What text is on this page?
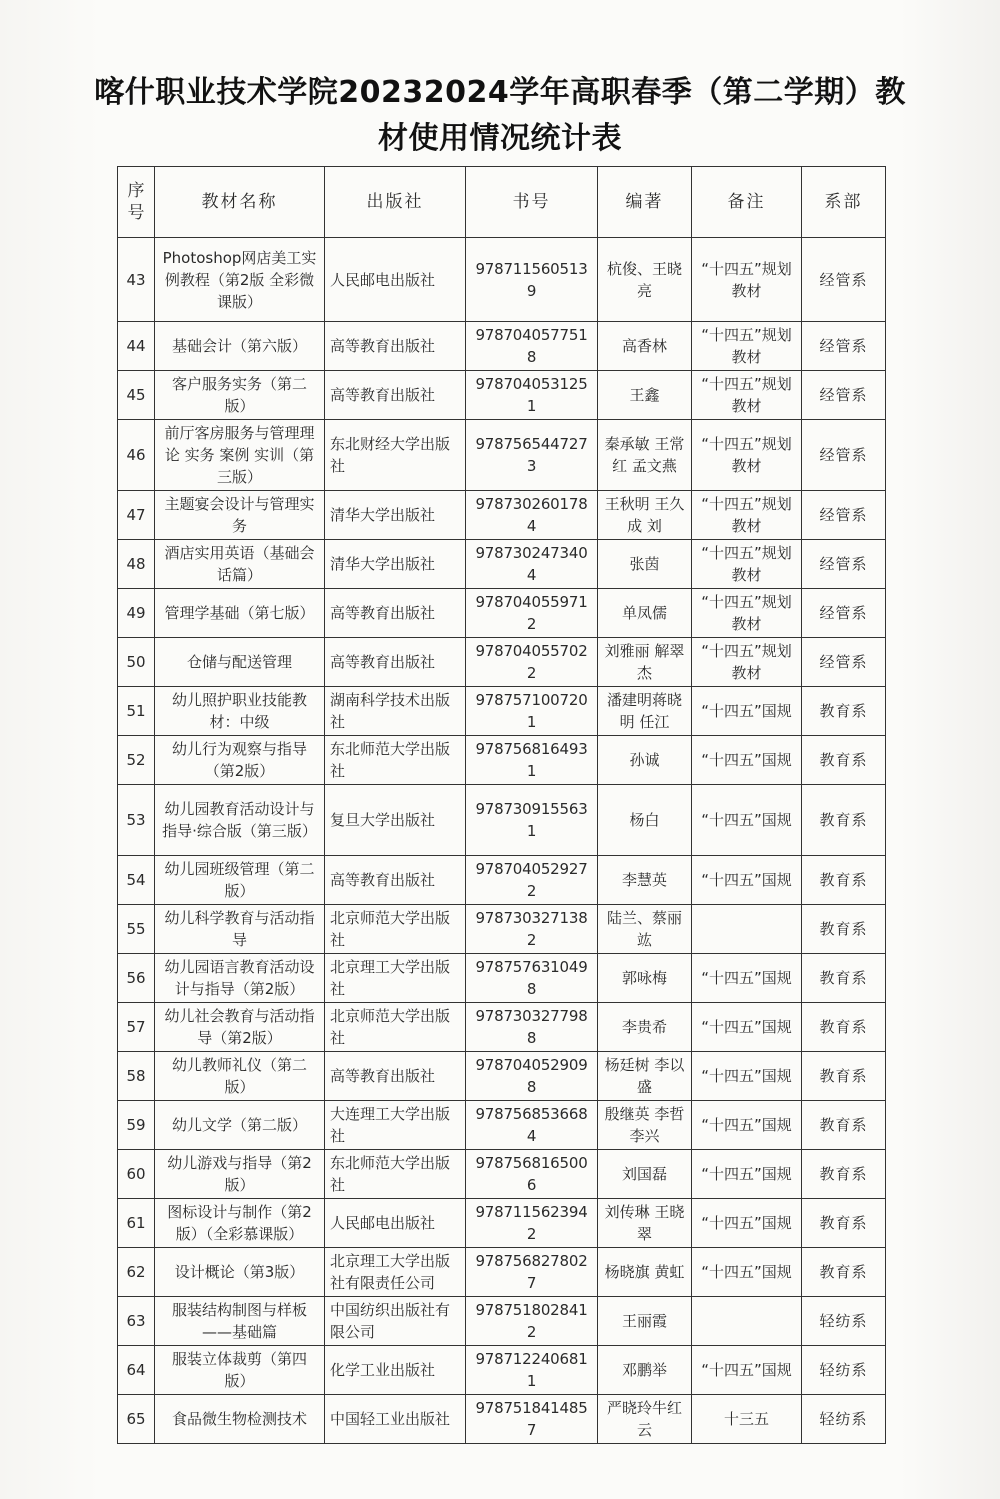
喀什职业技术学院20232024学年高职春季（第二学期）教材使用情况统计表
序号	教材名称	出版社	书号	编著	备注	系部
43	Photoshop网店美工实例教程（第2版 全彩微课版）	人民邮电出版社	9787115605139	杭俊、王晓亮	“十四五”规划教材	经管系
44	基础会计（第六版）	高等教育出版社	9787040577518	高香林	“十四五”规划教材	经管系
45	客户服务实务（第二版）	高等教育出版社	9787040531251	王鑫	“十四五”规划教材	经管系
46	前厅客房服务与管理理论 实务 案例 实训（第三版）	东北财经大学出版社	9787565447273	秦承敏 王常红 孟文燕	“十四五”规划教材	经管系
47	主题宴会设计与管理实务	清华大学出版社	9787302601784	王秋明 王久成 刘	“十四五”规划教材	经管系
48	酒店实用英语（基础会话篇）	清华大学出版社	9787302473404	张茵	“十四五”规划教材	经管系
49	管理学基础（第七版）	高等教育出版社	9787040559712	单凤儒	“十四五”规划教材	经管系
50	仓储与配送管理	高等教育出版社	9787040557022	刘雅丽 解翠杰	“十四五”规划教材	经管系
51	幼儿照护职业技能教材：中级	湖南科学技术出版社	9787571007201	潘建明蒋晓明 任江	“十四五”国规	教育系
52	幼儿行为观察与指导（第2版）	东北师范大学出版社	9787568164931	孙诚	“十四五”国规	教育系
53	幼儿园教育活动设计与指导·综合版（第三版）	复旦大学出版社	9787309155631	杨白	“十四五”国规	教育系
54	幼儿园班级管理（第二版）	高等教育出版社	9787040529272	李慧英	“十四五”国规	教育系
55	幼儿科学教育与活动指导	北京师范大学出版社	9787303271382	陆兰、蔡丽竑		教育系
56	幼儿园语言教育活动设计与指导（第2版）	北京理工大学出版社	9787576310498	郭咏梅	“十四五”国规	教育系
57	幼儿社会教育与活动指导（第2版）	北京师范大学出版社	9787303277988	李贵希	“十四五”国规	教育系
58	幼儿教师礼仪（第二版）	高等教育出版社	9787040529098	杨廷树 李以盛	“十四五”国规	教育系
59	幼儿文学（第二版）	大连理工大学出版社	9787568536684	殷继英 李哲 李兴	“十四五”国规	教育系
60	幼儿游戏与指导（第2版）	东北师范大学出版社	9787568165006	刘国磊	“十四五”国规	教育系
61	图标设计与制作（第2版）（全彩慕课版）	人民邮电出版社	9787115623942	刘传琳 王晓翠	“十四五”国规	教育系
62	设计概论（第3版）	北京理工大学出版社有限责任公司	9787568278027	杨晓旗 黄虹	“十四五”国规	教育系
63	服装结构制图与样板——基础篇	中国纺织出版社有限公司	9787518028412	王丽霞		轻纺系
64	服装立体裁剪（第四版）	化学工业出版社	9787122406811	邓鹏举	“十四五”国规	轻纺系
65	食品微生物检测技术	中国轻工业出版社	9787518414857	严晓玲牛红云	十三五	轻纺系
